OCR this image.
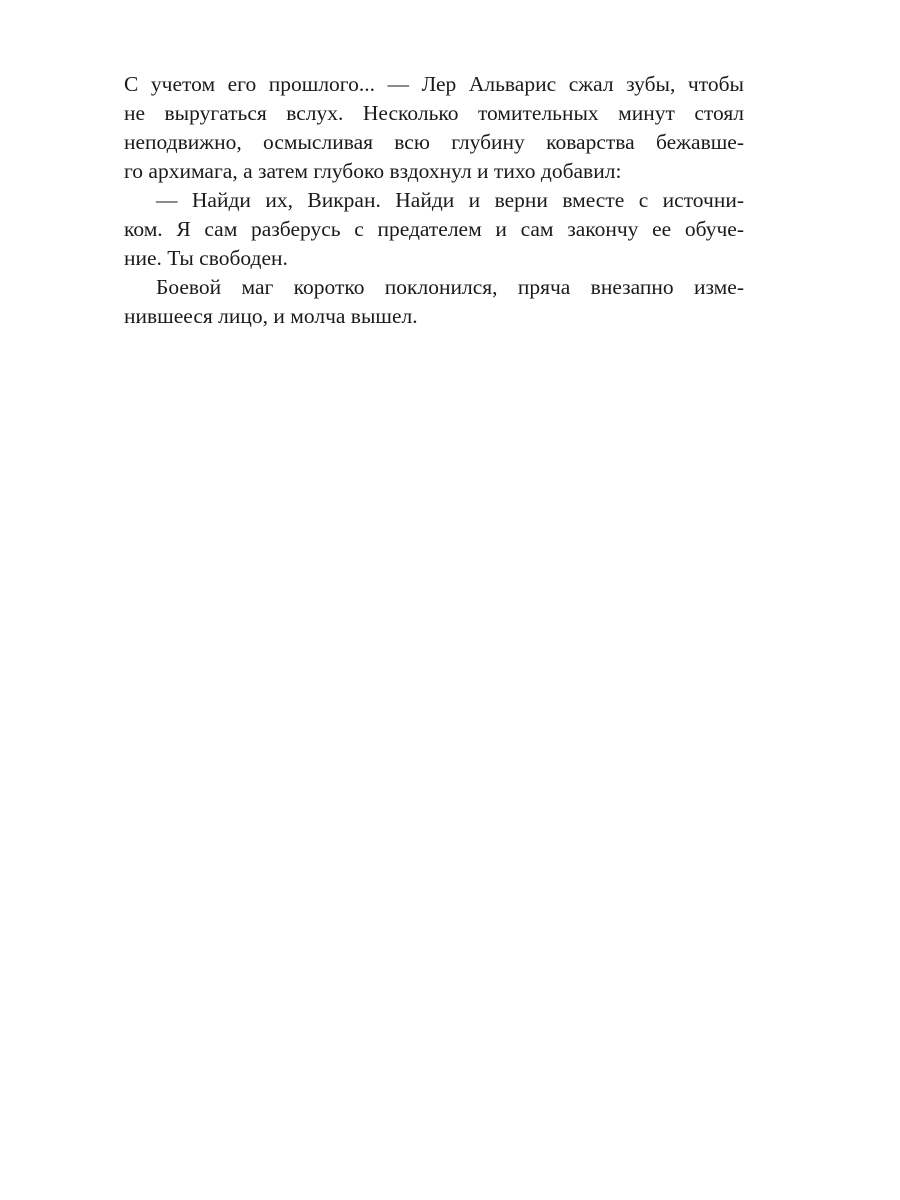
С учетом его прошлого... — Лер Альварис сжал зубы, чтобы
не выругаться вслух. Несколько томительных минут стоял
неподвижно, осмысливая всю глубину коварства бежавше-
го архимага, а затем глубоко вздохнул и тихо добавил:
— Найди их, Викран. Найди и верни вместе с источни-
ком. Я сам разберусь с предателем и сам закончу ее обуче-
ние. Ты свободен.
Боевой маг коротко поклонился, пряча внезапно изме-
нившееся лицо, и молча вышел.
